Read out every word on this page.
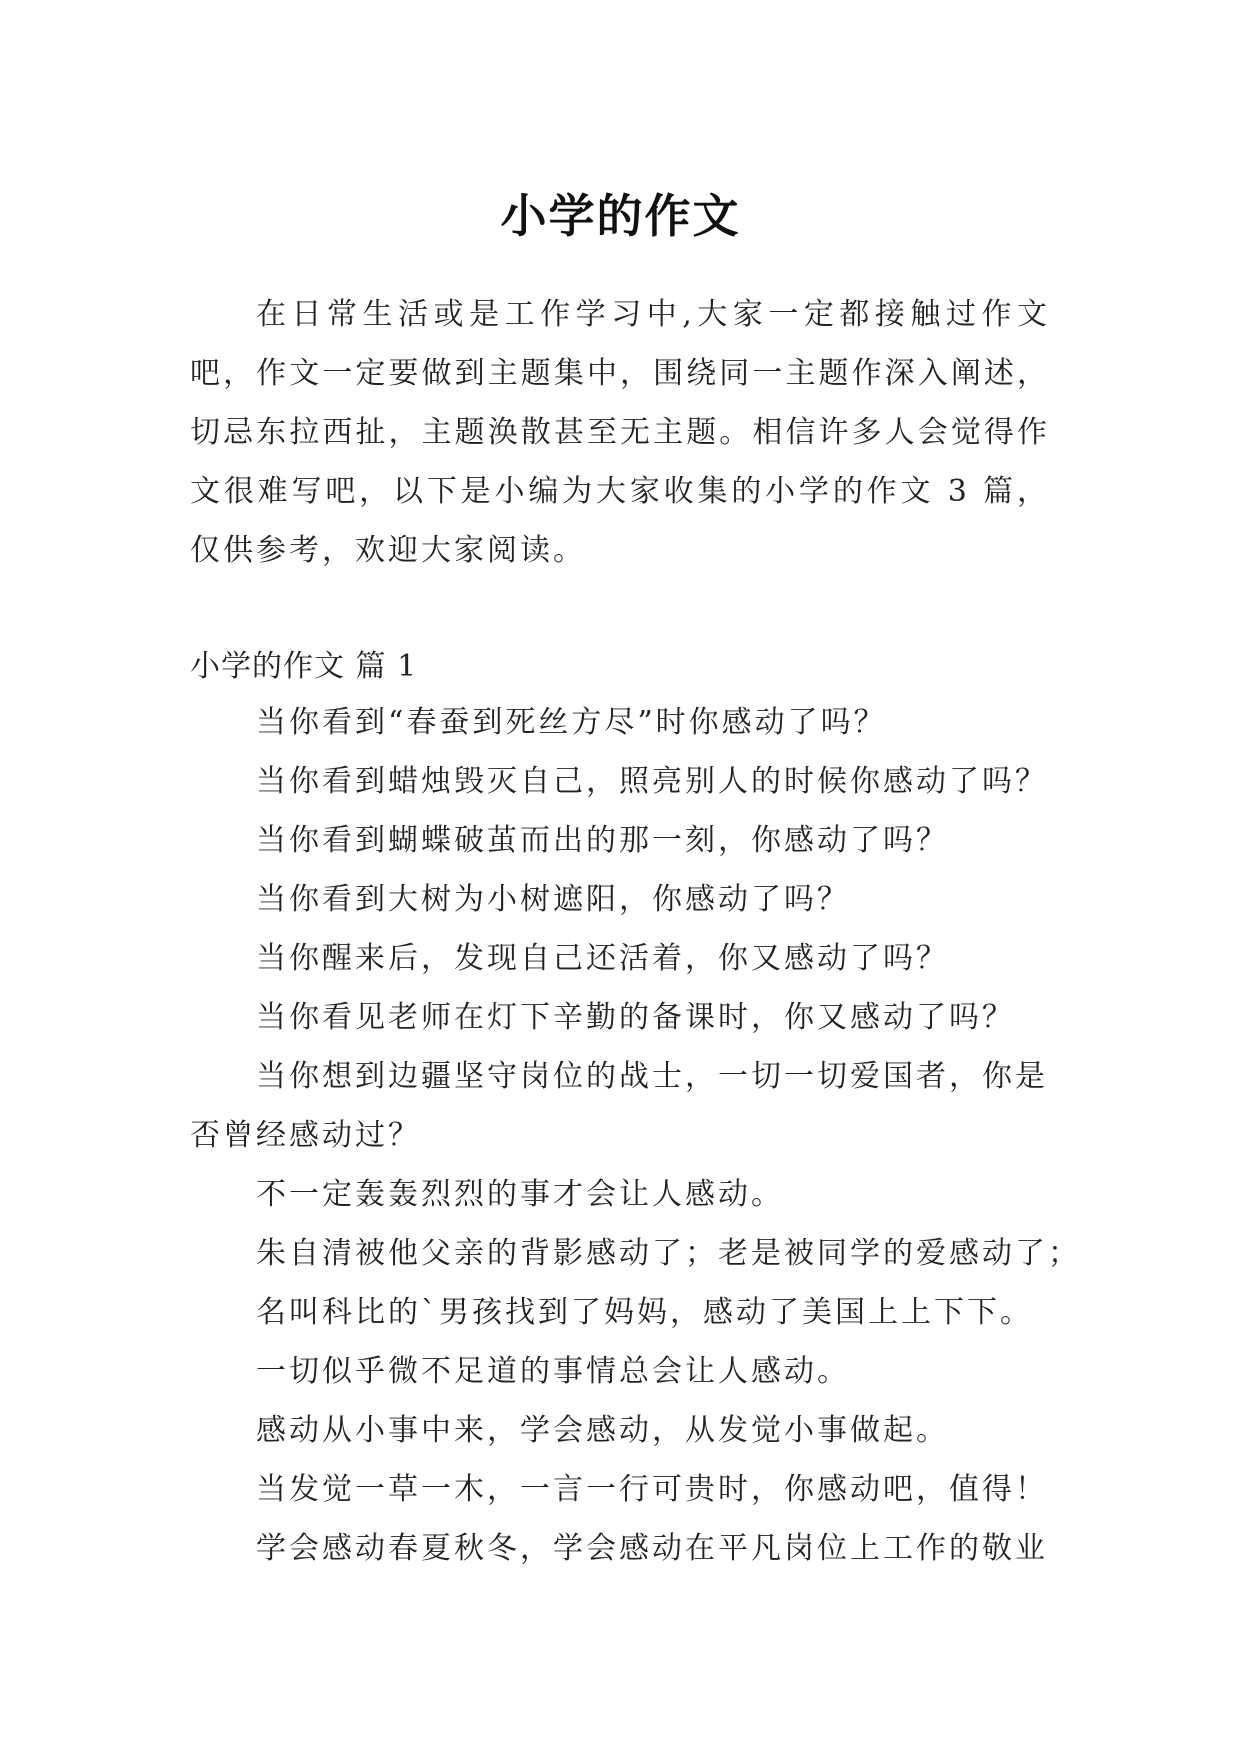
小学的作文

在日常生活或是工作学习中,大家一定都接触过作文吧，作文一定要做到主题集中，围绕同一主题作深入阐述，切忌东拉西扯，主题涣散甚至无主题。相信许多人会觉得作文很难写吧，以下是小编为大家收集的小学的作文 3 篇，仅供参考，欢迎大家阅读。

小学的作文 篇 1

当你看到“春蚕到死丝方尽”时你感动了吗？

当你看到蜡烛毁灭自己，照亮别人的时候你感动了吗？

当你看到蝴蝶破茧而出的那一刻，你感动了吗？

当你看到大树为小树遮阳，你感动了吗？

当你醒来后，发现自己还活着，你又感动了吗？

当你看见老师在灯下辛勤的备课时，你又感动了吗？

当你想到边疆坚守岗位的战士，一切一切爱国者，你是否曾经感动过？

不一定轰轰烈烈的事才会让人感动。

朱自清被他父亲的背影感动了；老是被同学的爱感动了；

名叫科比的`男孩找到了妈妈，感动了美国上上下下。

一切似乎微不足道的事情总会让人感动。

感动从小事中来，学会感动，从发觉小事做起。

当发觉一草一木，一言一行可贵时，你感动吧，值得！

学会感动春夏秋冬，学会感动在平凡岗位上工作的敬业
